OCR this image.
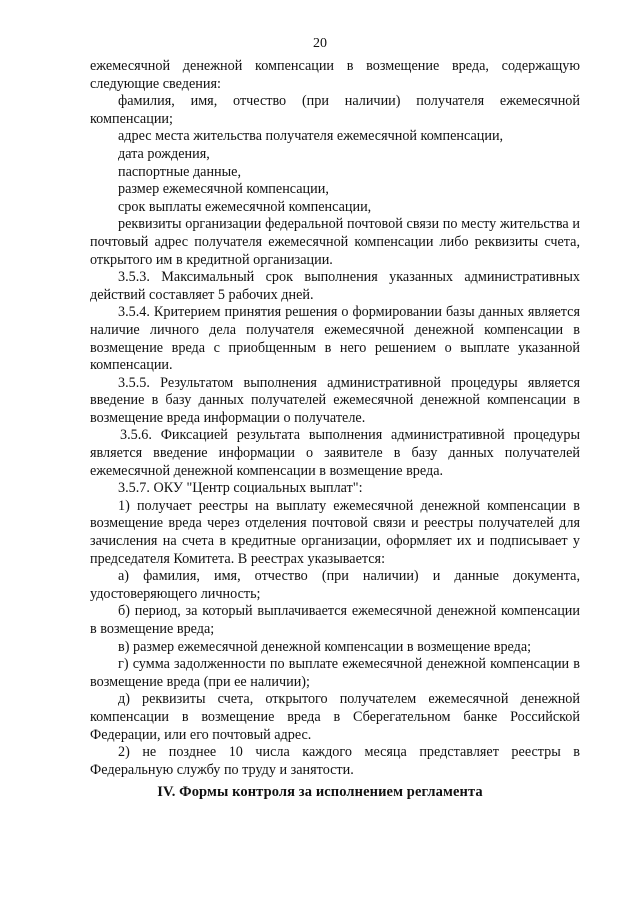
20

ежемесячной денежной компенсации в возмещение вреда, содержащую следующие сведения:

фамилия, имя, отчество (при наличии) получателя ежемесячной компенсации;

адрес места жительства получателя ежемесячной компенсации,

дата рождения,

паспортные данные,

размер ежемесячной компенсации,

срок выплаты ежемесячной компенсации,

реквизиты организации федеральной почтовой связи по месту жительства и почтовый адрес получателя ежемесячной компенсации либо реквизиты счета, открытого им в кредитной организации.

3.5.3. Максимальный срок выполнения указанных административных действий составляет 5 рабочих дней.

3.5.4. Критерием принятия решения о формировании базы данных является наличие личного дела получателя ежемесячной денежной компенсации в возмещение вреда с приобщенным в него решением о выплате указанной компенсации.

3.5.5. Результатом выполнения административной процедуры является введение в базу данных получателей ежемесячной денежной компенсации в возмещение вреда информации о получателе.

3.5.6. Фиксацией результата выполнения административной процедуры является введение информации о заявителе в базу данных получателей ежемесячной денежной компенсации в возмещение вреда.

3.5.7. ОКУ "Центр социальных выплат":

1) получает реестры на выплату ежемесячной денежной компенсации в возмещение вреда через отделения почтовой связи и реестры получателей для зачисления на счета в кредитные организации, оформляет их и подписывает у председателя Комитета. В реестрах указывается:

а) фамилия, имя, отчество (при наличии) и данные документа, удостоверяющего личность;

б) период, за который выплачивается ежемесячной денежной компенсации в возмещение вреда;

в) размер ежемесячной денежной компенсации в возмещение вреда;

г) сумма задолженности по выплате ежемесячной денежной компенсации в возмещение вреда (при ее наличии);

д) реквизиты счета, открытого получателем ежемесячной денежной компенсации в возмещение вреда в Сберегательном банке Российской Федерации, или его почтовый адрес.

2) не позднее 10 числа каждого месяца представляет реестры в Федеральную службу по труду и занятости.

IV. Формы контроля за исполнением регламента
